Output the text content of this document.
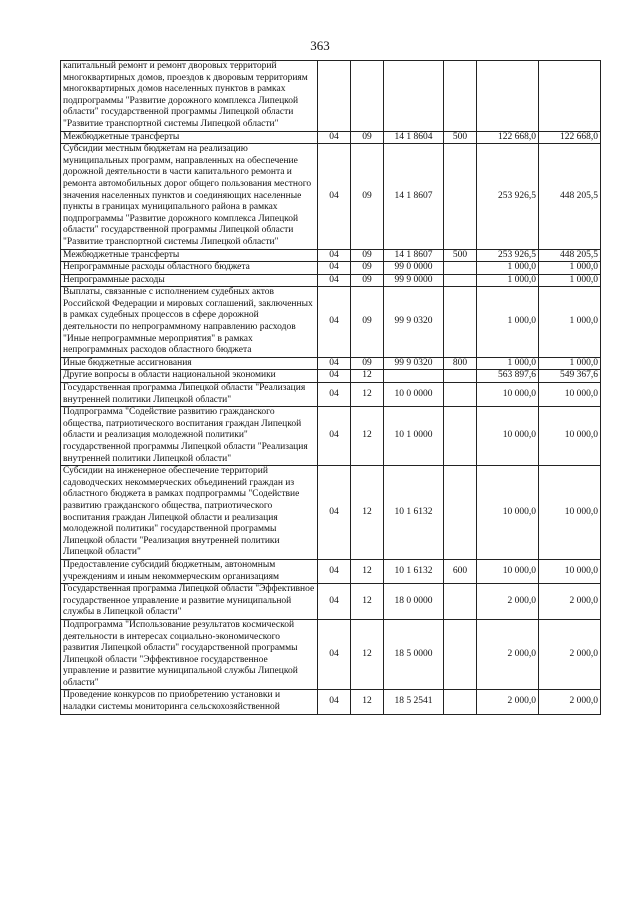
363
капитальный ремонт и ремонт дворовых территорий многоквартирных домов, проездов к дворовым территориям многоквартирных домов населенных пунктов в рамках подпрограммы "Развитие дорожного комплекса Липецкой области" государственной программы Липецкой области "Развитие транспортной системы Липецкой области"						
Межбюджетные трансферты	04	09	14 1 8604	500	122 668,0	122 668,0
Субсидии местным бюджетам на реализацию муниципальных программ, направленных на обеспечение дорожной деятельности в части капитального ремонта и ремонта автомобильных дорог общего пользования местного значения населенных пунктов и соединяющих населенные пункты в границах муниципального района в рамках подпрограммы "Развитие дорожного комплекса Липецкой области" государственной программы Липецкой области "Развитие транспортной системы Липецкой области"	04	09	14 1 8607		253 926,5	448 205,5
Межбюджетные трансферты	04	09	14 1 8607	500	253 926,5	448 205,5
Непрограммные расходы областного бюджета	04	09	99 0 0000		1 000,0	1 000,0
Непрограммные расходы	04	09	99 9 0000		1 000,0	1 000,0
Выплаты, связанные с исполнением судебных актов Российской Федерации и мировых соглашений, заключенных в рамках судебных процессов в сфере дорожной деятельности по непрограммному направлению расходов "Иные непрограммные мероприятия" в рамках непрограммных расходов областного бюджета	04	09	99 9 0320		1 000,0	1 000,0
Иные бюджетные ассигнования	04	09	99 9 0320	800	1 000,0	1 000,0
Другие вопросы в области национальной экономики	04	12			563 897,6	549 367,6
Государственная программа Липецкой области "Реализация внутренней политики Липецкой области"	04	12	10 0 0000		10 000,0	10 000,0
Подпрограмма "Содействие развитию гражданского общества, патриотического воспитания граждан Липецкой области и реализация молодежной политики" государственной программы Липецкой области "Реализация внутренней политики Липецкой области"	04	12	10 1 0000		10 000,0	10 000,0
Субсидии на инженерное обеспечение территорий садоводческих некоммерческих объединений граждан из областного бюджета в рамках подпрограммы "Содействие развитию гражданского общества, патриотического воспитания граждан Липецкой области и реализация молодежной политики" государственной программы Липецкой области "Реализация внутренней политики Липецкой области"	04	12	10 1 6132		10 000,0	10 000,0
Предоставление субсидий бюджетным, автономным учреждениям и иным некоммерческим организациям	04	12	10 1 6132	600	10 000,0	10 000,0
Государственная программа Липецкой области "Эффективное государственное управление и развитие муниципальной службы в Липецкой области"	04	12	18 0 0000		2 000,0	2 000,0
Подпрограмма "Использование результатов космической деятельности в интересах социально-экономического развития Липецкой области" государственной программы Липецкой области "Эффективное государственное управление и развитие муниципальной службы Липецкой области"	04	12	18 5 0000		2 000,0	2 000,0
Проведение конкурсов по приобретению установки и наладки системы мониторинга сельскохозяйственной	04	12	18 5 2541		2 000,0	2 000,0
